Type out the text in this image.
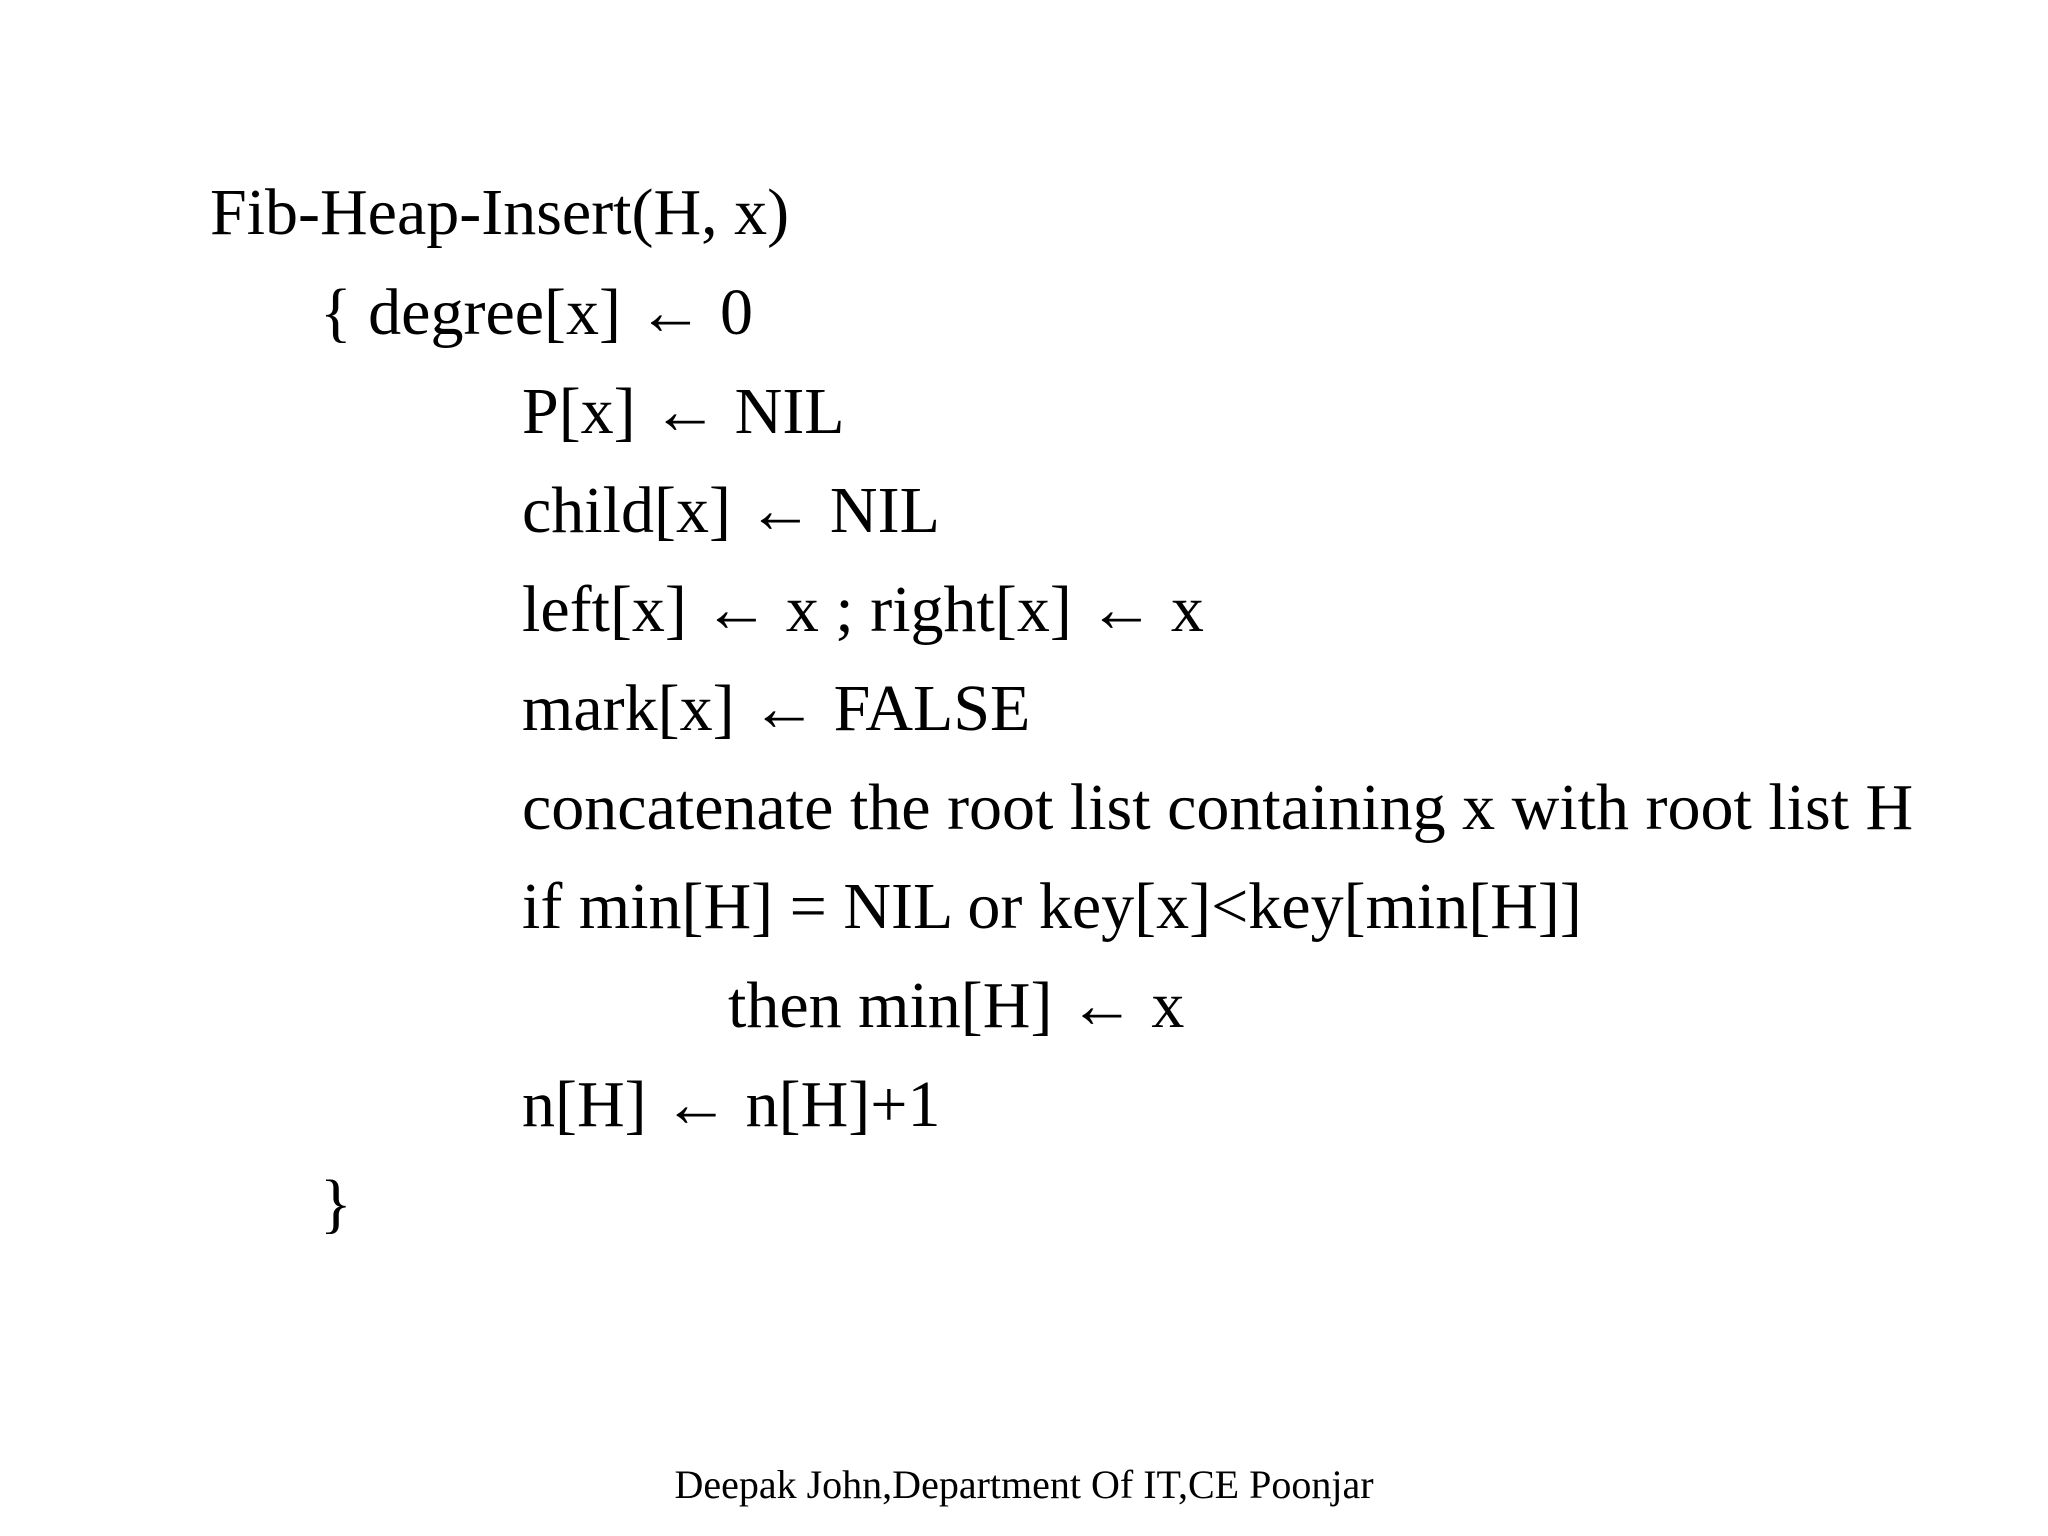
Fib-Heap-Insert(H, x)
{ degree[x] ← 0
P[x] ← NIL
child[x] ← NIL
left[x] ← x ; right[x] ← x
mark[x] ← FALSE
concatenate the root list containing x with root list H
if min[H] = NIL or key[x]<key[min[H]]
then min[H] ← x
n[H] ← n[H]+1
}
Deepak John,Department Of IT,CE Poonjar
